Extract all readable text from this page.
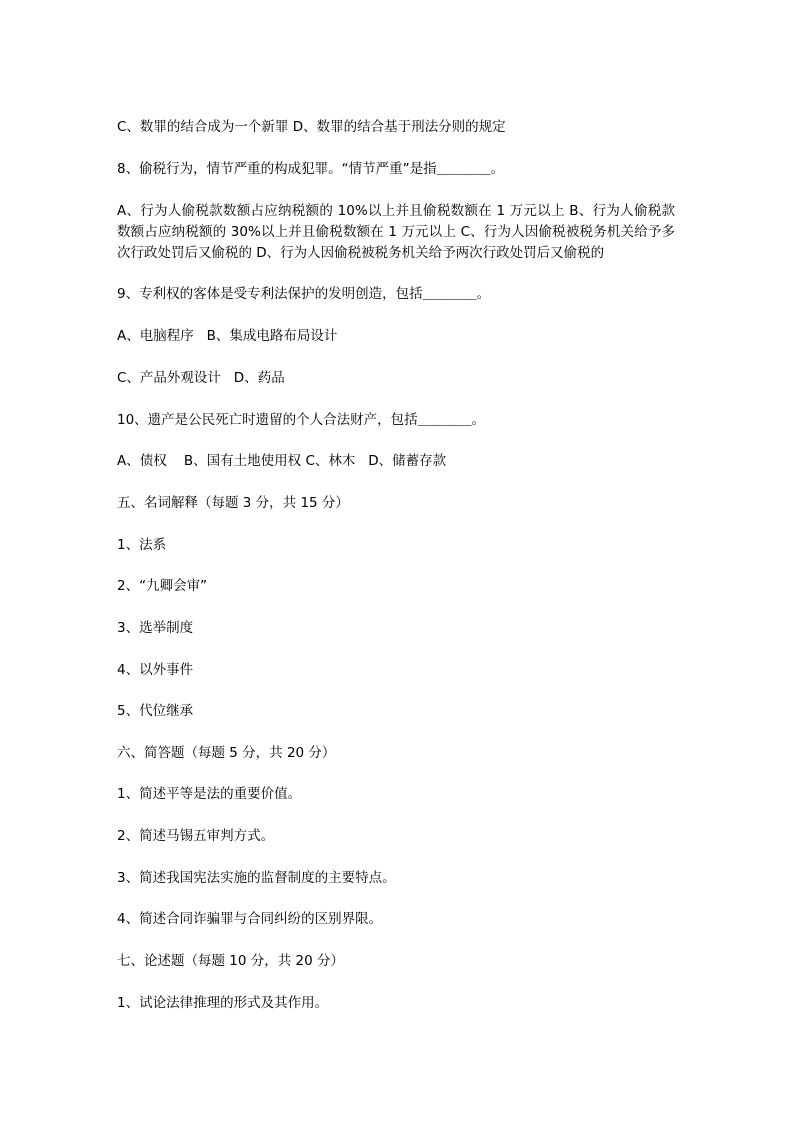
C、数罪的结合成为一个新罪 D、数罪的结合基于刑法分则的规定

8、偷税行为，情节严重的构成犯罪。“情节严重”是指＿＿＿＿。

A、行为人偷税款数额占应纳税额的 10%以上并且偷税数额在 1 万元以上 B、行为人偷税款数额占应纳税额的 30%以上并且偷税数额在 1 万元以上 C、行为人因偷税被税务机关给予多次行政处罚后又偷税的 D、行为人因偷税被税务机关给予两次行政处罚后又偷税的

9、专利权的客体是受专利法保护的发明创造，包括＿＿＿＿。

A、电脑程序   B、集成电路布局设计

C、产品外观设计   D、药品

10、遗产是公民死亡时遗留的个人合法财产，包括＿＿＿＿。

A、债权    B、国有土地使用权 C、林木   D、储蓄存款

五、名词解释（每题 3 分，共 15 分）

1、法系

2、“九卿会审”

3、选举制度

4、以外事件

5、代位继承

六、简答题（每题 5 分，共 20 分）

1、简述平等是法的重要价值。

2、简述马锡五审判方式。

3、简述我国宪法实施的监督制度的主要特点。

4、简述合同诈骗罪与合同纠纷的区别界限。

七、论述题（每题 10 分，共 20 分）

1、试论法律推理的形式及其作用。
